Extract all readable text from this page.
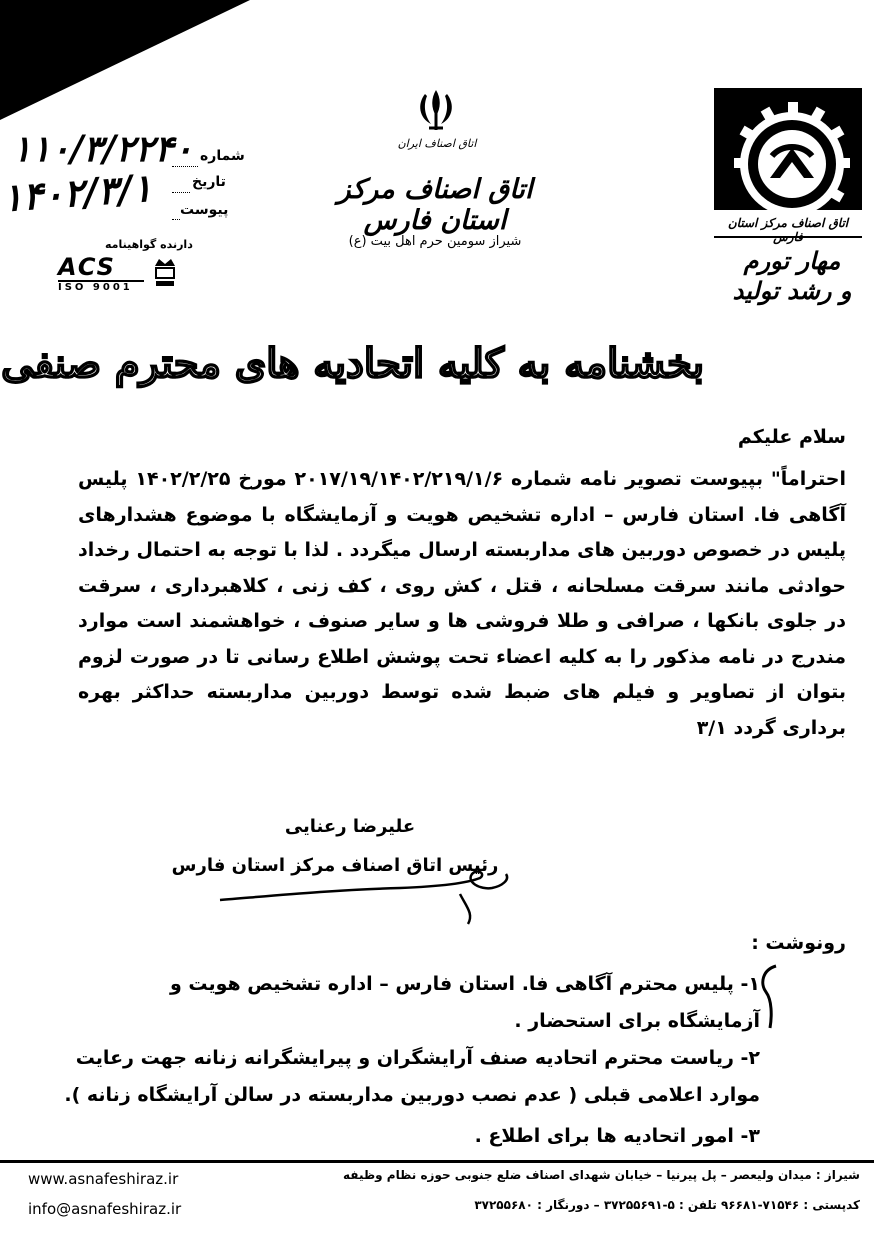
شماره
تاریخ
پیوست
۱۱۰/۳/۲۲۴۰
۱۴۰۲/۳/۱
دارنده گواهینامه
ACS
ISO 9001
اتاق اصناف ایران
اتاق اصناف مرکز استان فارس
شیراز سومین حرم اهل بیت (ع)
اتاق اصناف مرکز استان فارس
مهار تورم
و رشد تولید
بخشنامه به کلیه اتحادیه های محترم صنفی
سلام علیکم
احتراماً" بپیوست تصویر نامه شماره ۲۰۱۷/۱۹/۱۴۰۲/۲۱۹/۱/۶ مورخ ۱۴۰۲/۲/۲۵ پلیس آگاهی فا. استان فارس – اداره تشخیص هویت و آزمایشگاه با موضوع هشدارهای پلیس در خصوص دوربین های مداربسته ارسال میگردد . لذا با توجه به احتمال رخداد حوادثی مانند سرقت مسلحانه ، قتل ، کش روی ، کف زنی ، کلاهبرداری ، سرقت در جلوی بانکها ، صرافی و طلا فروشی ها و سایر صنوف ، خواهشمند است موارد مندرج در نامه مذکور را به کلیه اعضاء تحت پوشش اطلاع رسانی تا در صورت لزوم بتوان از تصاویر و فیلم های ضبط شده توسط دوربین مداربسته حداکثر بهره برداری گردد ۳/۱
علیرضا رعنایی
رئیس اتاق اصناف مرکز استان فارس
رونوشت :
۱- پلیس محترم آگاهی فا. استان فارس – اداره تشخیص هویت و آزمایشگاه برای استحضار .
۲- ریاست محترم اتحادیه صنف آرایشگران و پیرایشگرانه زنانه جهت رعایت موارد اعلامی قبلی ( عدم نصب دوربین مداربسته در سالن آرایشگاه زنانه ).
۳- امور اتحادیه ها برای اطلاع .
شیراز : میدان ولیعصر – پل پیرنیا – خیابان شهدای اصناف ضلع جنوبی حوزه نظام وظیفه
کدپستی : ۷۱۵۴۶-۹۶۶۸۱ تلفن : ۵-۳۷۲۵۵۶۹۱ – دورنگار : ۳۷۲۵۵۶۸۰
www.asnafeshiraz.ir
info@asnafeshiraz.ir
